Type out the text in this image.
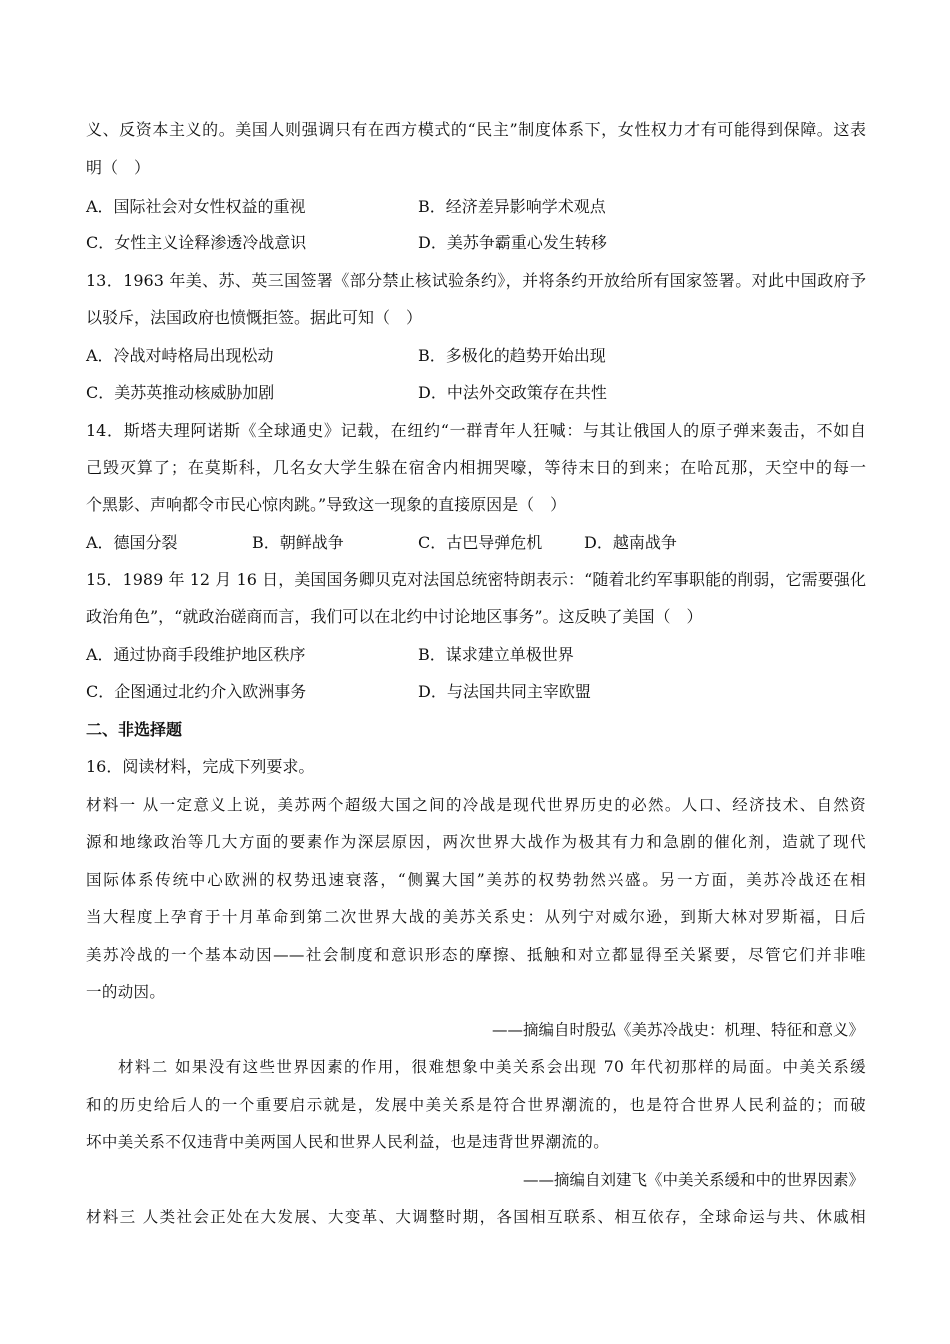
义、反资本主义的。美国人则强调只有在西方模式的“民主”制度体系下，女性权力才有可能得到保障。这表
明（　）
A．国际社会对女性权益的重视	B．经济差异影响学术观点
C．女性主义诠释渗透冷战意识	D．美苏争霸重心发生转移
13．1963 年美、苏、英三国签署《部分禁止核试验条约》，并将条约开放给所有国家签署。对此中国政府予
以驳斥，法国政府也愤慨拒签。据此可知（　）
A．冷战对峙格局出现松动	B．多极化的趋势开始出现
C．美苏英推动核威胁加剧	D．中法外交政策存在共性
14．斯塔夫理阿诺斯《全球通史》记载，在纽约“一群青年人狂喊：与其让俄国人的原子弹来轰击，不如自
己毁灭算了；在莫斯科，几名女大学生躲在宿舍内相拥哭嚎，等待末日的到来；在哈瓦那，天空中的每一
个黑影、声响都令市民心惊肉跳。”导致这一现象的直接原因是（　）
A．德国分裂	B．朝鲜战争	C．古巴导弹危机	D．越南战争
15．1989 年 12 月 16 日，美国国务卿贝克对法国总统密特朗表示：“随着北约军事职能的削弱，它需要强化
政治角色”，“就政治磋商而言，我们可以在北约中讨论地区事务”。这反映了美国（　）
A．通过协商手段维护地区秩序	B．谋求建立单极世界
C．企图通过北约介入欧洲事务	D．与法国共同主宰欧盟
二、非选择题
16．阅读材料，完成下列要求。
材料一 从一定意义上说，美苏两个超级大国之间的冷战是现代世界历史的必然。人口、经济技术、自然资
源和地缘政治等几大方面的要素作为深层原因，两次世界大战作为极其有力和急剧的催化剂，造就了现代
国际体系传统中心欧洲的权势迅速衰落，“侧翼大国”美苏的权势勃然兴盛。另一方面，美苏冷战还在相
当大程度上孕育于十月革命到第二次世界大战的美苏关系史：从列宁对威尔逊，到斯大林对罗斯福，日后
美苏冷战的一个基本动因——社会制度和意识形态的摩擦、抵触和对立都显得至关紧要，尽管它们并非唯
一的动因。
——摘编自时殷弘《美苏冷战史：机理、特征和意义》
材料二 如果没有这些世界因素的作用，很难想象中美关系会出现 70 年代初那样的局面。中美关系缓
和的历史给后人的一个重要启示就是，发展中美关系是符合世界潮流的，也是符合世界人民利益的；而破
坏中美关系不仅违背中美两国人民和世界人民利益，也是违背世界潮流的。
——摘编自刘建飞《中美关系缓和中的世界因素》
材料三 人类社会正处在大发展、大变革、大调整时期，各国相互联系、相互依存，全球命运与共、休戚相
